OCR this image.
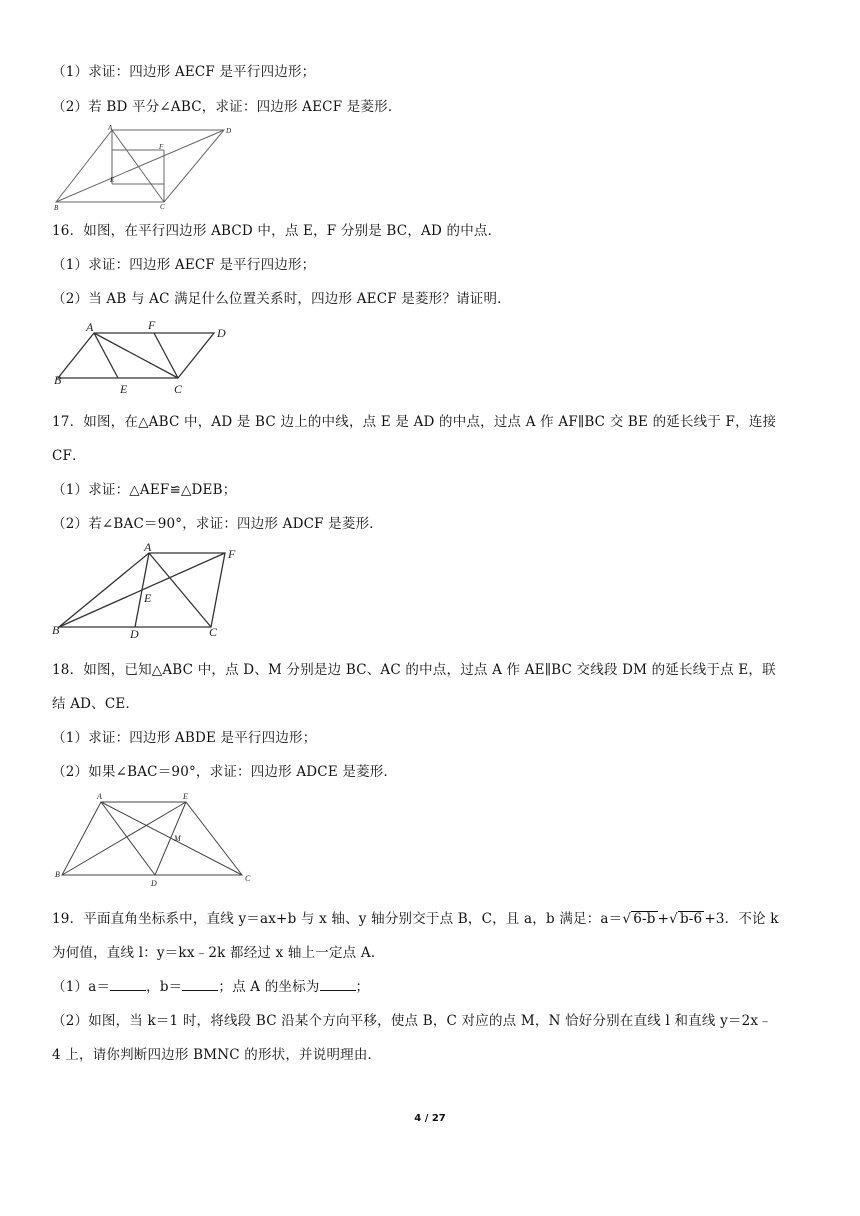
（1）求证：四边形 AECF 是平行四边形；
（2）若 BD 平分∠ABC，求证：四边形 AECF 是菱形．
A	D
F
E
B	C
16．如图，在平行四边形 ABCD 中，点 E，F 分别是 BC，AD 的中点．
（1）求证：四边形 AECF 是平行四边形；
（2）当 AB 与 AC 满足什么位置关系时，四边形 AECF 是菱形？请证明．
A	F
D
B
E	C
17．如图，在△ABC 中，AD 是 BC 边上的中线，点 E 是 AD 的中点，过点 A 作 AF∥BC 交 BE 的延长线于 F，连接
CF．
（1）求证：△AEF≌△DEB；
（2）若∠BAC＝90°，求证：四边形 ADCF 是菱形．
A	F
E
B	D	C
18．如图，已知△ABC 中，点 D、M 分别是边 BC、AC 的中点，过点 A 作 AE∥BC 交线段 DM 的延长线于点 E，联
结 AD、CE．
（1）求证：四边形 ABDE 是平行四边形；
（2）如果∠BAC＝90°，求证：四边形 ADCE 是菱形．
A	E
M
B
D
C
19．平面直角坐标系中，直线 y＝ax+b 与 x 轴、y 轴分别交于点 B，C，且 a，b 满足：a＝√ 6-b +√ b-6 +3．不论 k
为何值，直线 l：y＝kx﹣2k 都经过 x 轴上一定点 A．
（1）a＝	，b＝	；点 A 的坐标为	；
（2）如图，当 k＝1 时，将线段 BC 沿某个方向平移，使点 B，C 对应的点 M，N 恰好分别在直线 l 和直线 y＝2x﹣
4 上，请你判断四边形 BMNC 的形状，并说明理由．
4 / 27
